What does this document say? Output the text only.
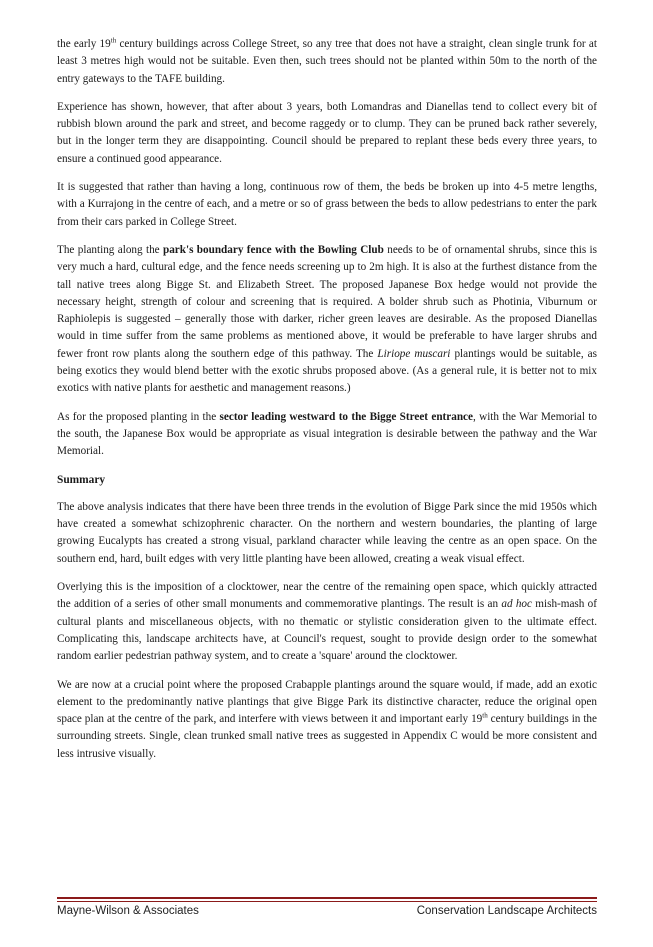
the early 19th century buildings across College Street, so any tree that does not have a straight, clean single trunk for at least 3 metres high would not be suitable. Even then, such trees should not be planted within 50m to the north of the entry gateways to the TAFE building.

Experience has shown, however, that after about 3 years, both Lomandras and Dianellas tend to collect every bit of rubbish blown around the park and street, and become raggedy or to clump. They can be pruned back rather severely, but in the longer term they are disappointing. Council should be prepared to replant these beds every three years, to ensure a continued good appearance.

It is suggested that rather than having a long, continuous row of them, the beds be broken up into 4-5 metre lengths, with a Kurrajong in the centre of each, and a metre or so of grass between the beds to allow pedestrians to enter the park from their cars parked in College Street.

The planting along the park's boundary fence with the Bowling Club needs to be of ornamental shrubs, since this is very much a hard, cultural edge, and the fence needs screening up to 2m high. It is also at the furthest distance from the tall native trees along Bigge St. and Elizabeth Street. The proposed Japanese Box hedge would not provide the necessary height, strength of colour and screening that is required. A bolder shrub such as Photinia, Viburnum or Raphiolepis is suggested – generally those with darker, richer green leaves are desirable. As the proposed Dianellas would in time suffer from the same problems as mentioned above, it would be preferable to have larger shrubs and fewer front row plants along the southern edge of this pathway. The Liriope muscari plantings would be suitable, as being exotics they would blend better with the exotic shrubs proposed above. (As a general rule, it is better not to mix exotics with native plants for aesthetic and management reasons.)

As for the proposed planting in the sector leading westward to the Bigge Street entrance, with the War Memorial to the south, the Japanese Box would be appropriate as visual integration is desirable between the pathway and the War Memorial.

Summary

The above analysis indicates that there have been three trends in the evolution of Bigge Park since the mid 1950s which have created a somewhat schizophrenic character. On the northern and western boundaries, the planting of large growing Eucalypts has created a strong visual, parkland character while leaving the centre as an open space. On the southern end, hard, built edges with very little planting have been allowed, creating a weak visual effect.

Overlying this is the imposition of a clocktower, near the centre of the remaining open space, which quickly attracted the addition of a series of other small monuments and commemorative plantings. The result is an ad hoc mish-mash of cultural plants and miscellaneous objects, with no thematic or stylistic consideration given to the ultimate effect. Complicating this, landscape architects have, at Council's request, sought to provide design order to the somewhat random earlier pedestrian pathway system, and to create a 'square' around the clocktower.

We are now at a crucial point where the proposed Crabapple plantings around the square would, if made, add an exotic element to the predominantly native plantings that give Bigge Park its distinctive character, reduce the original open space plan at the centre of the park, and interfere with views between it and important early 19th century buildings in the surrounding streets. Single, clean trunked small native trees as suggested in Appendix C would be more consistent and less intrusive visually.

Mayne-Wilson & Associates	Conservation Landscape Architects
